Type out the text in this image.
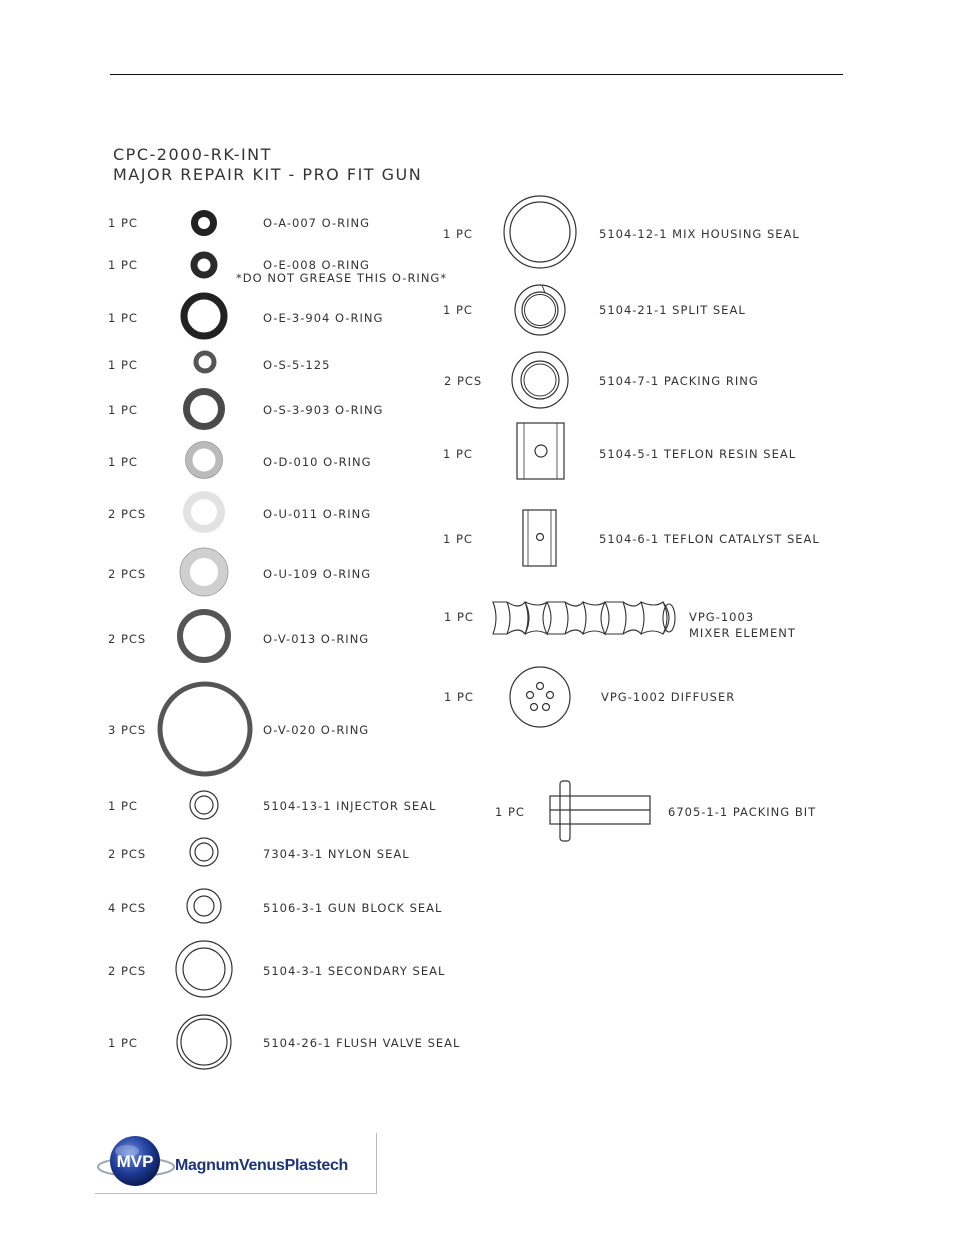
CPC-2000-RK-INT
MAJOR REPAIR KIT - PRO FIT GUN
1 PC	O-A-007 O-RING
1 PC	O-E-008 O-RING
*DO NOT GREASE THIS O-RING*
1 PC	O-E-3-904 O-RING
1 PC	O-S-5-125
1 PC	O-S-3-903 O-RING
1 PC	O-D-010 O-RING
2 PCS	O-U-011 O-RING
2 PCS	O-U-109 O-RING
2 PCS	O-V-013 O-RING
3 PCS	O-V-020 O-RING
1 PC	5104-13-1 INJECTOR SEAL
2 PCS	7304-3-1 NYLON SEAL
4 PCS	5106-3-1 GUN BLOCK SEAL
2 PCS	5104-3-1 SECONDARY SEAL
1 PC	5104-26-1 FLUSH VALVE SEAL
1 PC	5104-12-1 MIX HOUSING SEAL
1 PC	5104-21-1 SPLIT SEAL
2 PCS	5104-7-1 PACKING RING
1 PC	5104-5-1 TEFLON RESIN SEAL
1 PC	5104-6-1 TEFLON CATALYST SEAL
1 PC	VPG-1003
MIXER ELEMENT
1 PC	VPG-1002 DIFFUSER
1 PC	6705-1-1 PACKING BIT
MVP MagnumVenusPlastech
